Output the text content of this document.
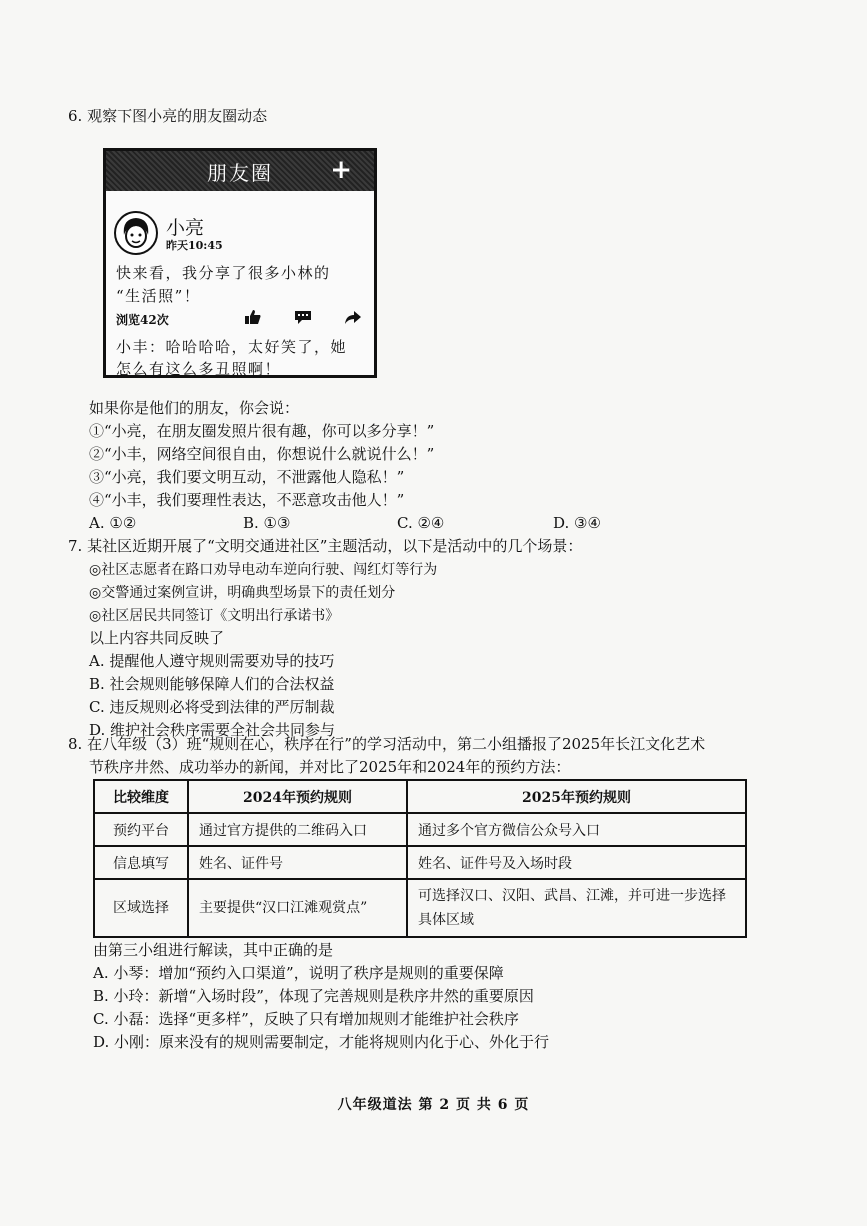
6. 观察下图小亮的朋友圈动态
朋友圈 +
小亮
昨天10:45
快来看，我分享了很多小林的
“生活照”！
浏览42次
小丰：哈哈哈哈，太好笑了，她
怎么有这么多丑照啊！
如果你是他们的朋友，你会说：
①“小亮，在朋友圈发照片很有趣，你可以多分享！”
②“小丰，网络空间很自由，你想说什么就说什么！”
③“小亮，我们要文明互动，不泄露他人隐私！”
④“小丰，我们要理性表达，不恶意攻击他人！”
A. ①②	B. ①③	C. ②④	D. ③④
7. 某社区近期开展了“文明交通进社区”主题活动，以下是活动中的几个场景：
◎社区志愿者在路口劝导电动车逆向行驶、闯红灯等行为
◎交警通过案例宣讲，明确典型场景下的责任划分
◎社区居民共同签订《文明出行承诺书》
以上内容共同反映了
A. 提醒他人遵守规则需要劝导的技巧
B. 社会规则能够保障人们的合法权益
C. 违反规则必将受到法律的严厉制裁
D. 维护社会秩序需要全社会共同参与
8. 在八年级（3）班“规则在心，秩序在行”的学习活动中，第二小组播报了2025年长江文化艺术
节秩序井然、成功举办的新闻，并对比了2025年和2024年的预约方法：
比较维度	2024年预约规则	2025年预约规则
预约平台	通过官方提供的二维码入口	通过多个官方微信公众号入口
信息填写	姓名、证件号	姓名、证件号及入场时段
区域选择	主要提供“汉口江滩观赏点”	可选择汉口、汉阳、武昌、江滩，并可进一步选择具体区域
由第三小组进行解读，其中正确的是
A. 小琴：增加“预约入口渠道”，说明了秩序是规则的重要保障
B. 小玲：新增“入场时段”，体现了完善规则是秩序井然的重要原因
C. 小磊：选择“更多样”，反映了只有增加规则才能维护社会秩序
D. 小刚：原来没有的规则需要制定，才能将规则内化于心、外化于行
八年级道法 第 2 页 共 6 页
